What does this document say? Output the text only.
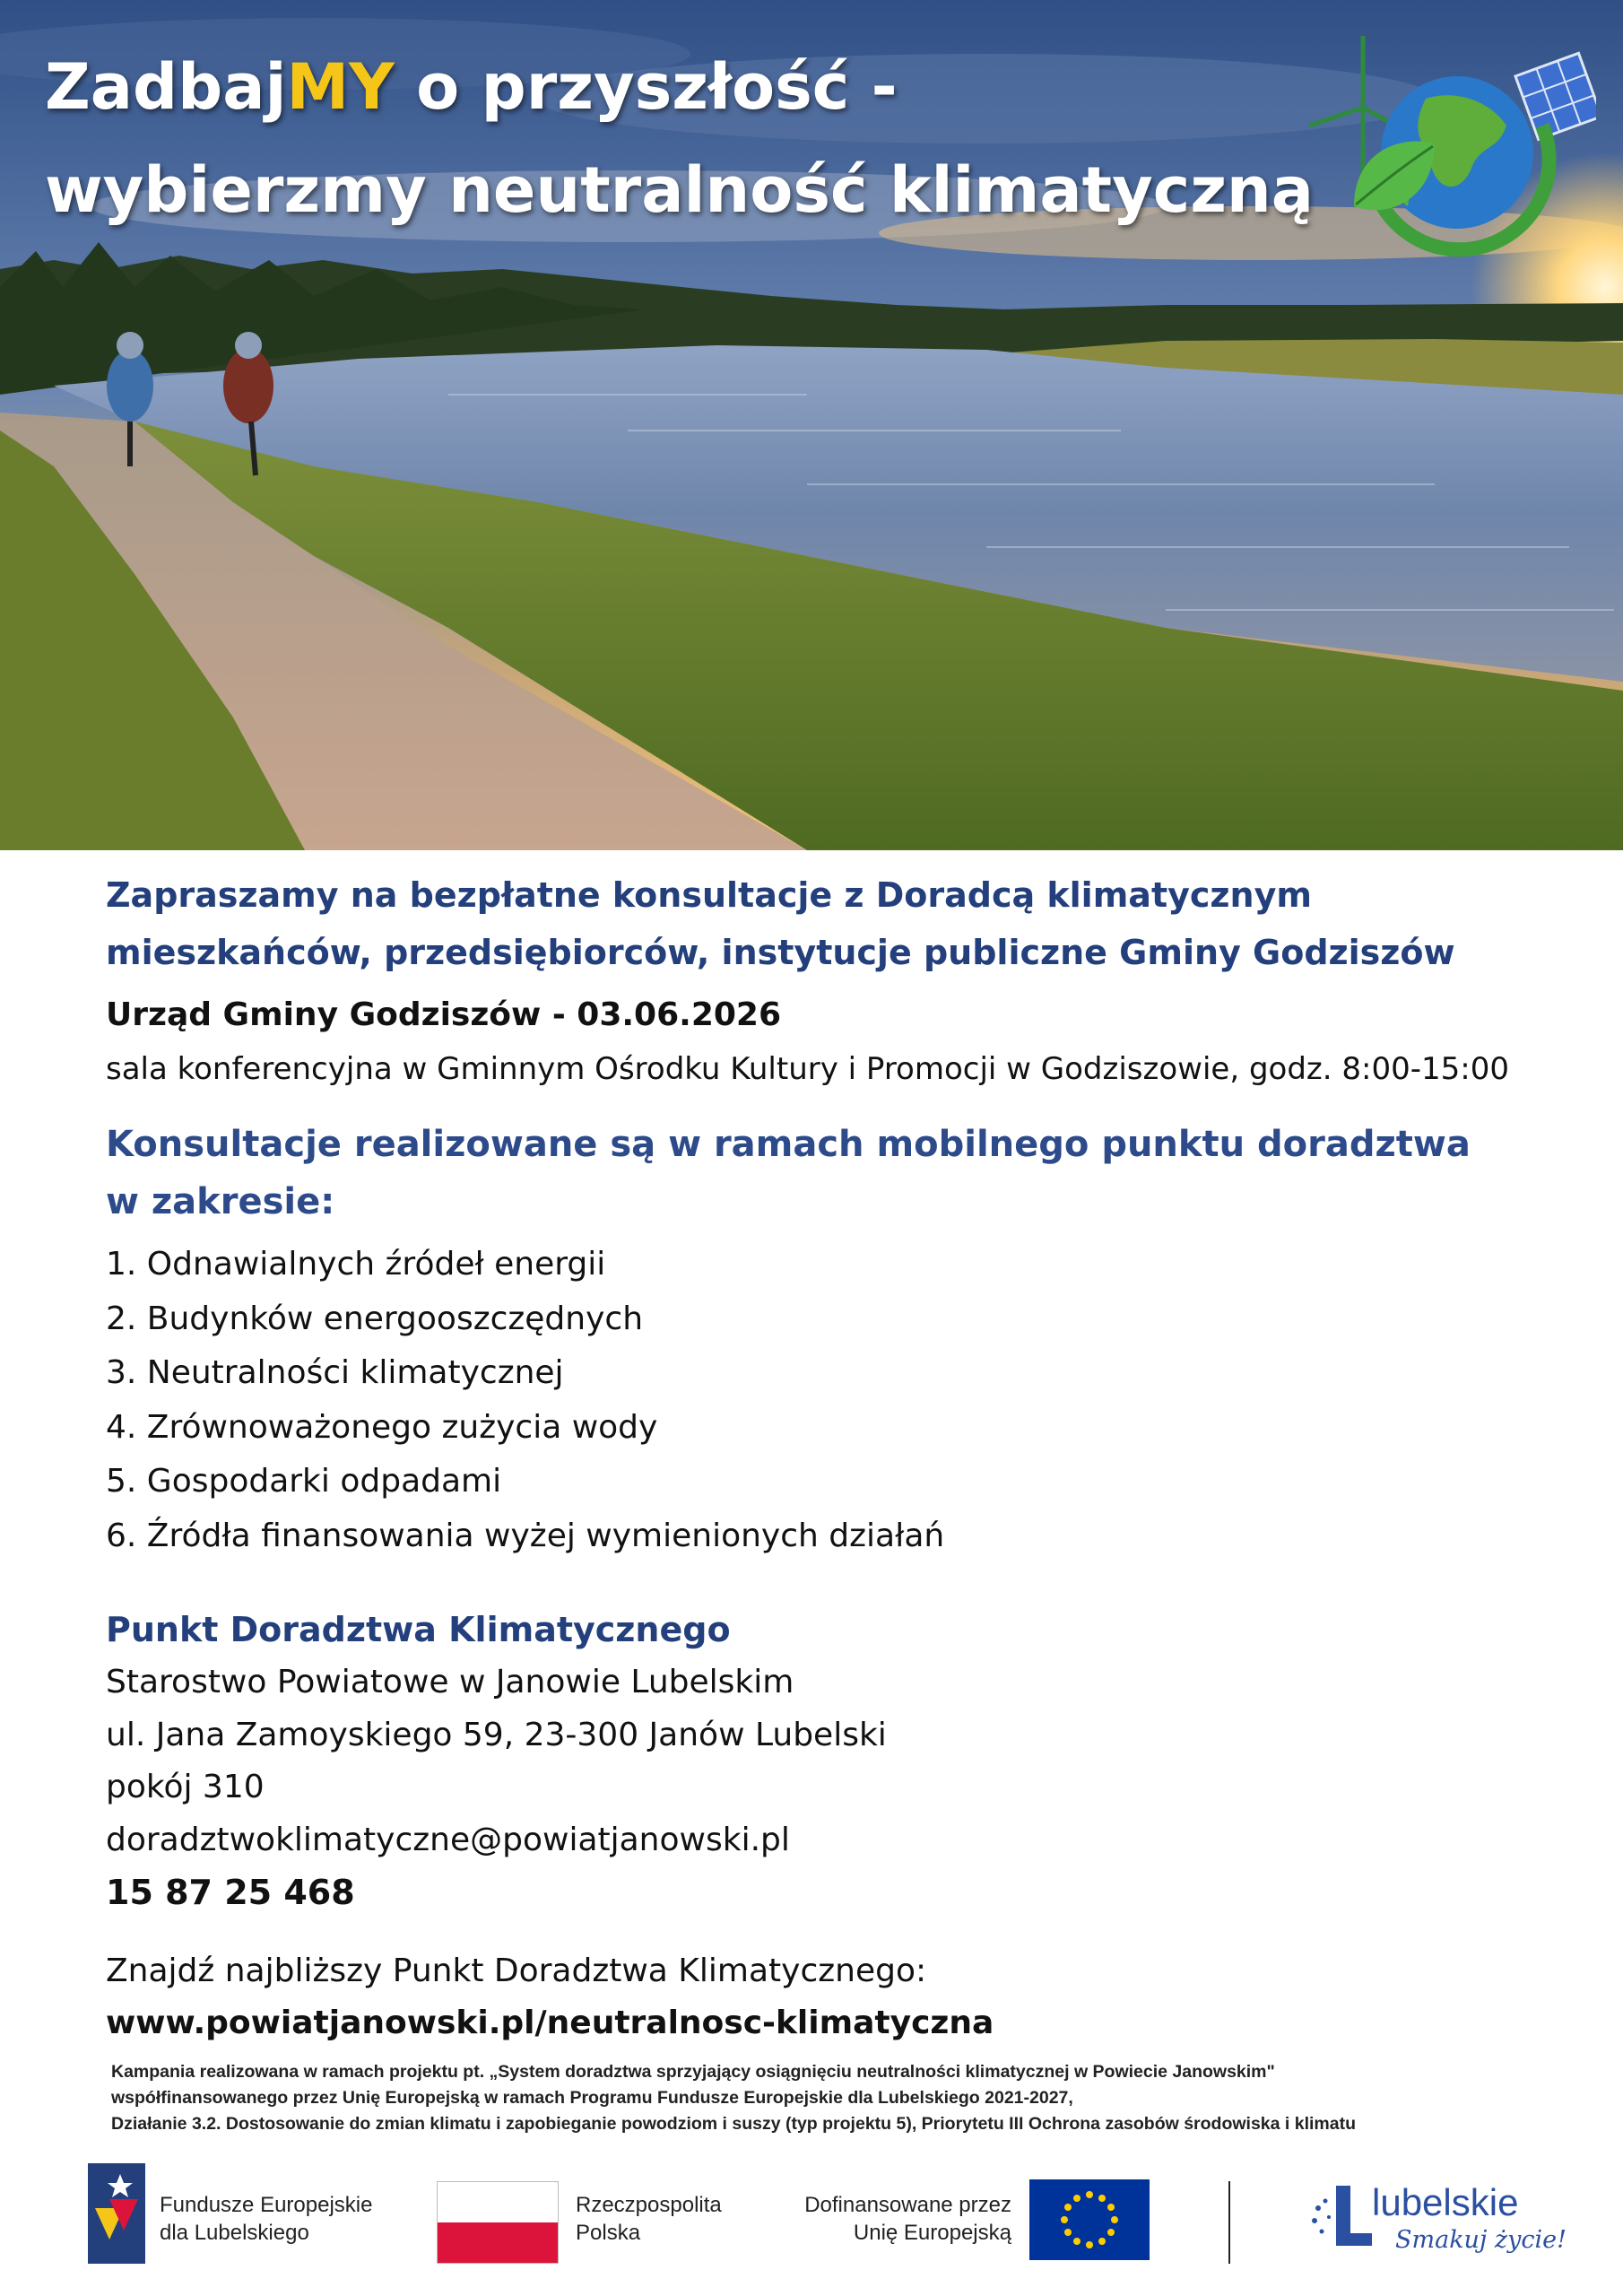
ZadbajMY o przyszłość -
wybierzmy neutralność klimatyczną

Zapraszamy na bezpłatne konsultacje z Doradcą klimatycznym

mieszkańców, przedsiębiorców, instytucje publiczne Gminy Godziszów

Urząd Gminy Godziszów - 03.06.2026
sala konferencyjna w Gminnym Ośrodku Kultury i Promocji w Godziszowie, godz. 8:00-15:00
Konsultacje realizowane są w ramach mobilnego punktu doradztwa
w zakresie:
1. Odnawialnych źródeł energii
2. Budynków energooszczędnych
3. Neutralności klimatycznej
4. Zrównoważonego zużycia wody
5. Gospodarki odpadami
6. Źródła finansowania wyżej wymienionych działań
Punkt Doradztwa Klimatycznego
Starostwo Powiatowe w Janowie Lubelskim
ul. Jana Zamoyskiego 59, 23-300 Janów Lubelski
pokój 310
doradztwoklimatyczne@powiatjanowski.pl
15 87 25 468
Znajdź najbliższy Punkt Doradztwa Klimatycznego:
www.powiatjanowski.pl/neutralnosc-klimatyczna
Kampania realizowana w ramach projektu pt. „System doradztwa sprzyjający osiągnięciu neutralności klimatycznej w Powiecie Janowskim"
współfinansowanego przez Unię Europejską w ramach Programu Fundusze Europejskie dla Lubelskiego 2021-2027,
Działanie 3.2. Dostosowanie do zmian klimatu i zapobieganie powodziom i suszy (typ projektu 5), Priorytetu III Ochrona zasobów środowiska i klimatu
Fundusze Europejskie
dla Lubelskiego
Rzeczpospolita
Polska
Dofinansowane przez
Unię Europejską
lubelskie
Smakuj życie!
